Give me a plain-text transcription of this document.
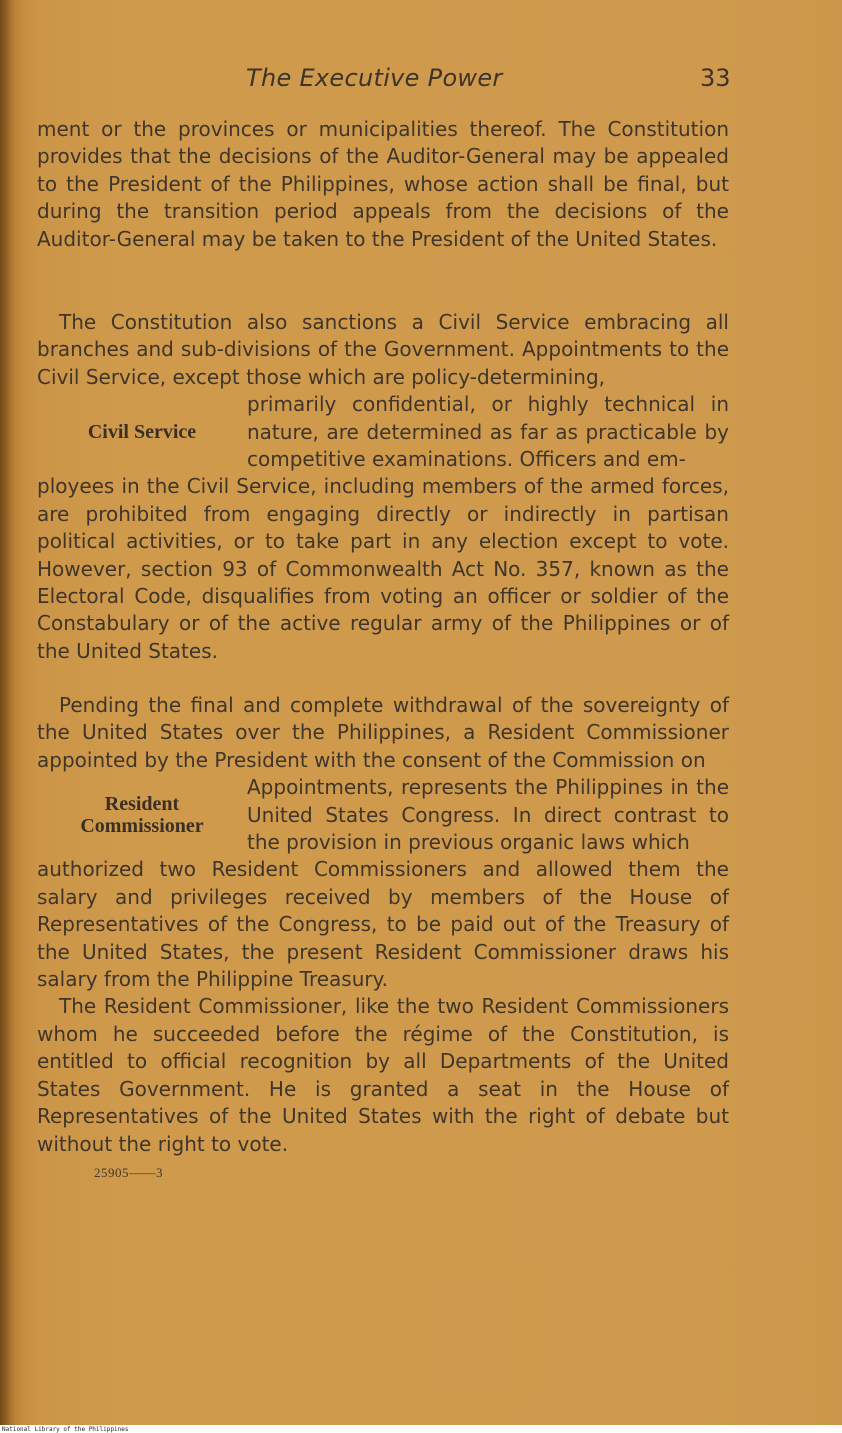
The Executive Power	33

ment or the provinces or municipalities thereof. The Constitution provides that the decisions of the Auditor-General may be appealed to the President of the Philippines, whose action shall be final, but during the transition period appeals from the decisions of the Auditor-General may be taken to the President of the United States.

The Constitution also sanctions a Civil Service embracing all branches and sub-divisions of the Government. Appointments to the Civil Service, except those which are policy-determining,

Civil Service
primarily confidential, or highly technical in nature, are determined as far as practicable by competitive examinations. Officers and em-

ployees in the Civil Service, including members of the armed forces, are prohibited from engaging directly or indirectly in partisan political activities, or to take part in any election except to vote. However, section 93 of Commonwealth Act No. 357, known as the Electoral Code, disqualifies from voting an officer or soldier of the Constabulary or of the active regular army of the Philippines or of the United States.

Pending the final and complete withdrawal of the sovereignty of the United States over the Philippines, a Resident Commissioner appointed by the President with the consent of the Commission on

Resident
Commissioner
Appointments, represents the Philippines in the United States Congress. In direct contrast to the provision in previous organic laws which

authorized two Resident Commissioners and allowed them the salary and privileges received by members of the House of Representatives of the Congress, to be paid out of the Treasury of the United States, the present Resident Commissioner draws his salary from the Philippine Treasury.

The Resident Commissioner, like the two Resident Commissioners whom he succeeded before the régime of the Constitution, is entitled to official recognition by all Departments of the United States Government. He is granted a seat in the House of Representatives of the United States with the right of debate but without the right to vote.

25905——3
National Library of the Philippines
